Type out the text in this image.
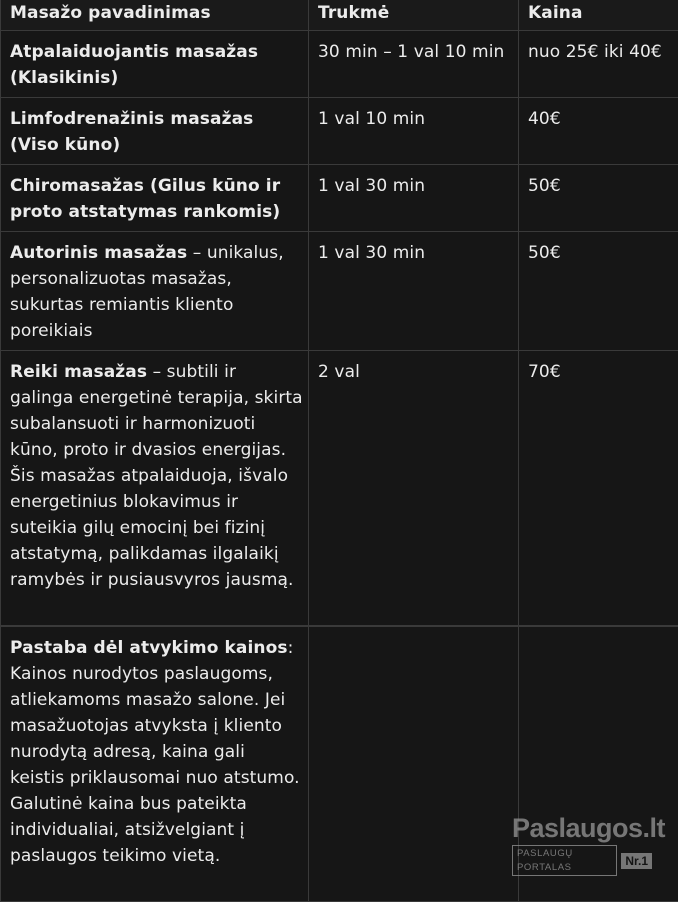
Masažo pavadinimas	Trukmė	Kaina
Atpalaiduojantis masažas (Klasikinis)	30 min – 1 val 10 min	nuo 25€ iki 40€
Limfodrenažinis masažas (Viso kūno)	1 val 10 min	40€
Chiromasažas (Gilus kūno ir proto atstatymas rankomis)	1 val 30 min	50€
Autorinis masažas – unikalus, personalizuotas masažas, sukurtas remiantis kliento poreikiais	1 val 30 min	50€
Reiki masažas – subtili ir galinga energetinė terapija, skirta subalansuoti ir harmonizuoti kūno, proto ir dvasios energijas. Šis masažas atpalaiduoja, išvalo energetinius blokavimus ir suteikia gilų emocinį bei fizinį atstatymą, palikdamas ilgalaikį ramybės ir pusiausvyros jausmą.	2 val	70€

Pastaba dėl atvykimo kainos: Kainos nurodytos paslaugoms, atliekamoms masažo salone. Jei masažuotojas atvyksta į kliento nurodytą adresą, kaina gali keistis priklausomai nuo atstumo. Galutinė kaina bus pateikta individualiai, atsižvelgiant į paslaugos teikimo vietą.		
Paslaugos.lt
PASLAUGŲ PORTALAS	Nr.1
